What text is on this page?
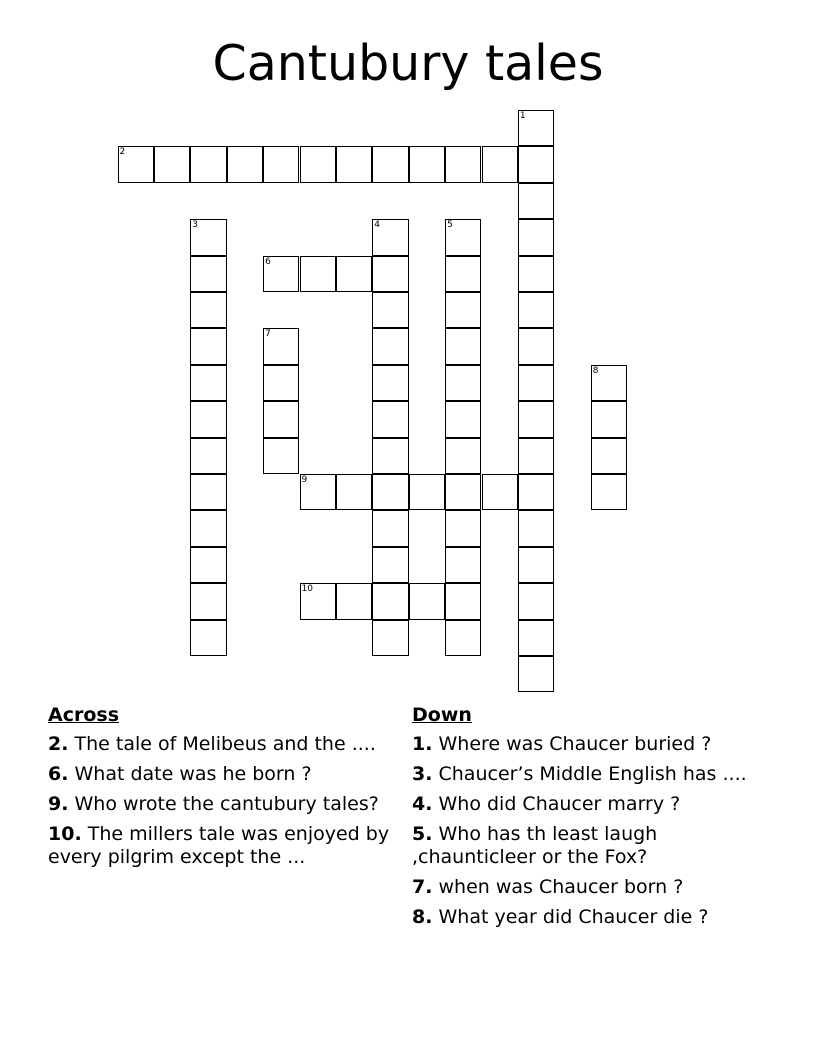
Cantubury tales
1
2
3	4	5
6
7
8
9
10
Across
2. The tale of Melibeus and the ....
6. What date was he born ?
9. Who wrote the cantubury tales?
10. The millers tale was enjoyed by every pilgrim except the ...
Down
1. Where was Chaucer buried ?
3. Chaucer’s Middle English has ....
4. Who did Chaucer marry ?
5. Who has th least laugh ,chaunticleer or the Fox?
7. when was Chaucer born ?
8. What year did Chaucer die ?
